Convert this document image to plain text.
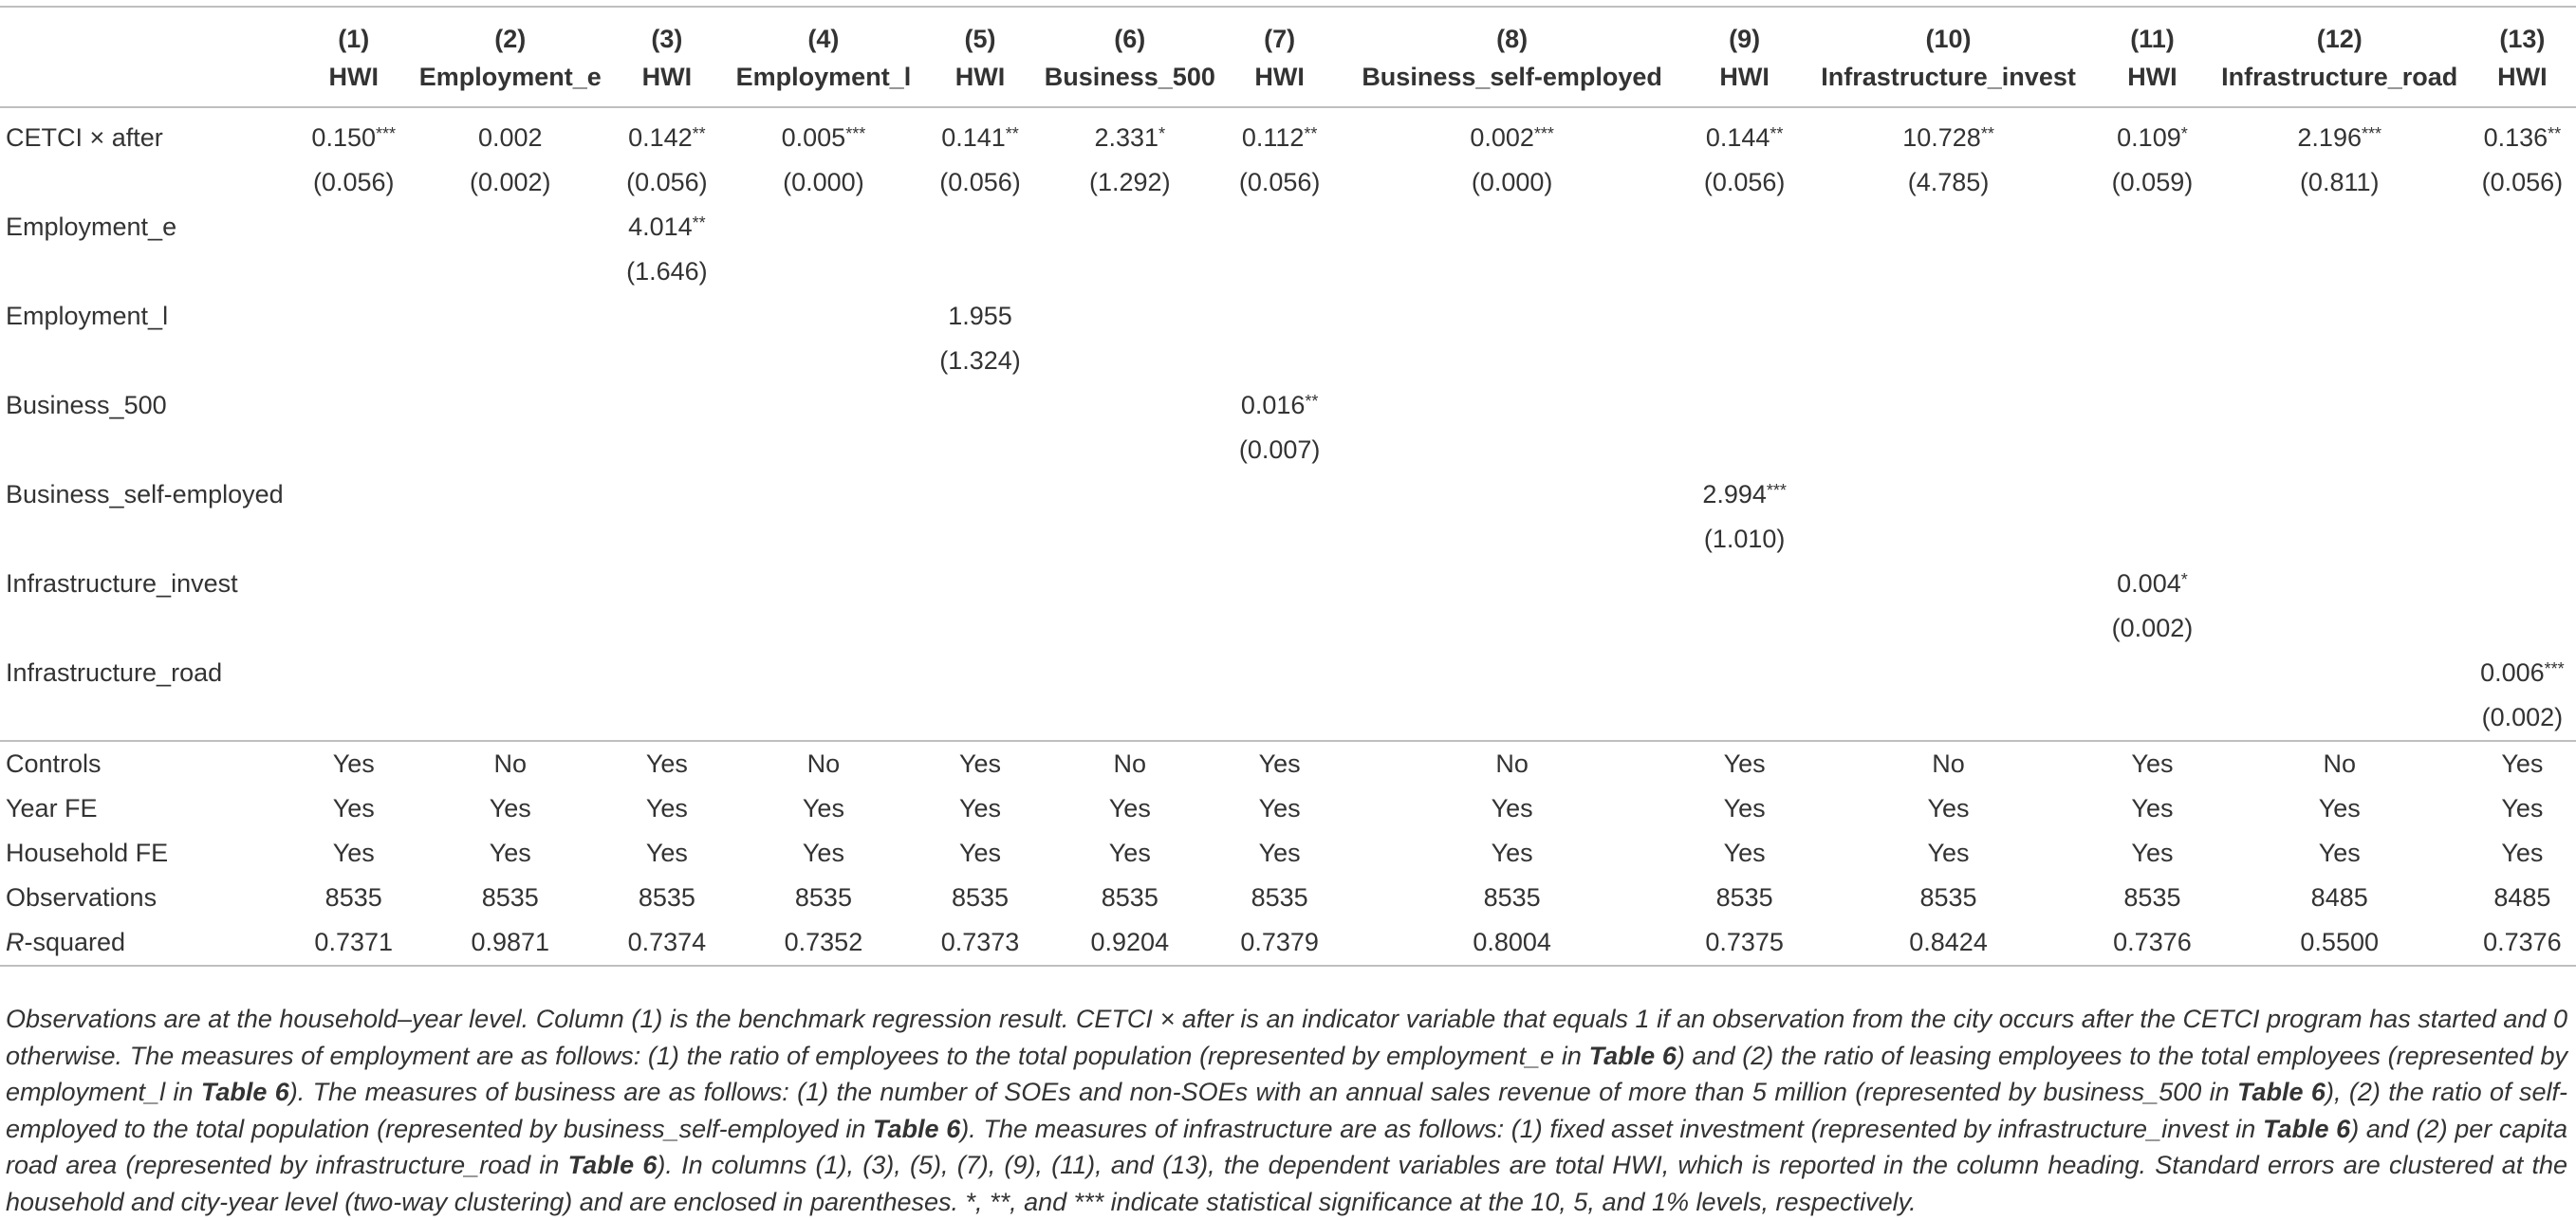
	(1)	(2)	(3)	(4)	(5)	(6)	(7)	(8)	(9)	(10)	(11)	(12)	(13)
	HWI	Employment_e	HWI	Employment_l	HWI	Business_500	HWI	Business_self-employed	HWI	Infrastructure_invest	HWI	Infrastructure_road	HWI
CETCI × after	0.150***	0.002	0.142**	0.005***	0.141**	2.331*	0.112**	0.002***	0.144**	10.728**	0.109*	2.196***	0.136**
	(0.056)	(0.002)	(0.056)	(0.000)	(0.056)	(1.292)	(0.056)	(0.000)	(0.056)	(4.785)	(0.059)	(0.811)	(0.056)
Employment_e			4.014**										
			(1.646)										
Employment_l					1.955								
					(1.324)								
Business_500							0.016**						
							(0.007)						
Business_self-employed									2.994***				
									(1.010)				
Infrastructure_invest											0.004*		
											(0.002)		
Infrastructure_road													0.006***
													(0.002)
Controls	Yes	No	Yes	No	Yes	No	Yes	No	Yes	No	Yes	No	Yes
Year FE	Yes	Yes	Yes	Yes	Yes	Yes	Yes	Yes	Yes	Yes	Yes	Yes	Yes
Household FE	Yes	Yes	Yes	Yes	Yes	Yes	Yes	Yes	Yes	Yes	Yes	Yes	Yes
Observations	8535	8535	8535	8535	8535	8535	8535	8535	8535	8535	8535	8485	8485
R-squared	0.7371	0.9871	0.7374	0.7352	0.7373	0.9204	0.7379	0.8004	0.7375	0.8424	0.7376	0.5500	0.7376
Observations are at the household–year level. Column (1) is the benchmark regression result. CETCI × after is an indicator variable that equals 1 if an observation from the city occurs after the CETCI program has started and 0 otherwise. The measures of employment are as follows: (1) the ratio of employees to the total population (represented by employment_e in Table 6) and (2) the ratio of leasing employees to the total employees (represented by employment_l in Table 6). The measures of business are as follows: (1) the number of SOEs and non-SOEs with an annual sales revenue of more than 5 million (represented by business_500 in Table 6), (2) the ratio of self-employed to the total population (represented by business_self-employed in Table 6). The measures of infrastructure are as follows: (1) fixed asset investment (represented by infrastructure_invest in Table 6) and (2) per capita road area (represented by infrastructure_road in Table 6). In columns (1), (3), (5), (7), (9), (11), and (13), the dependent variables are total HWI, which is reported in the column heading. Standard errors are clustered at the household and city-year level (two-way clustering) and are enclosed in parentheses. *, **, and *** indicate statistical significance at the 10, 5, and 1% levels, respectively.
